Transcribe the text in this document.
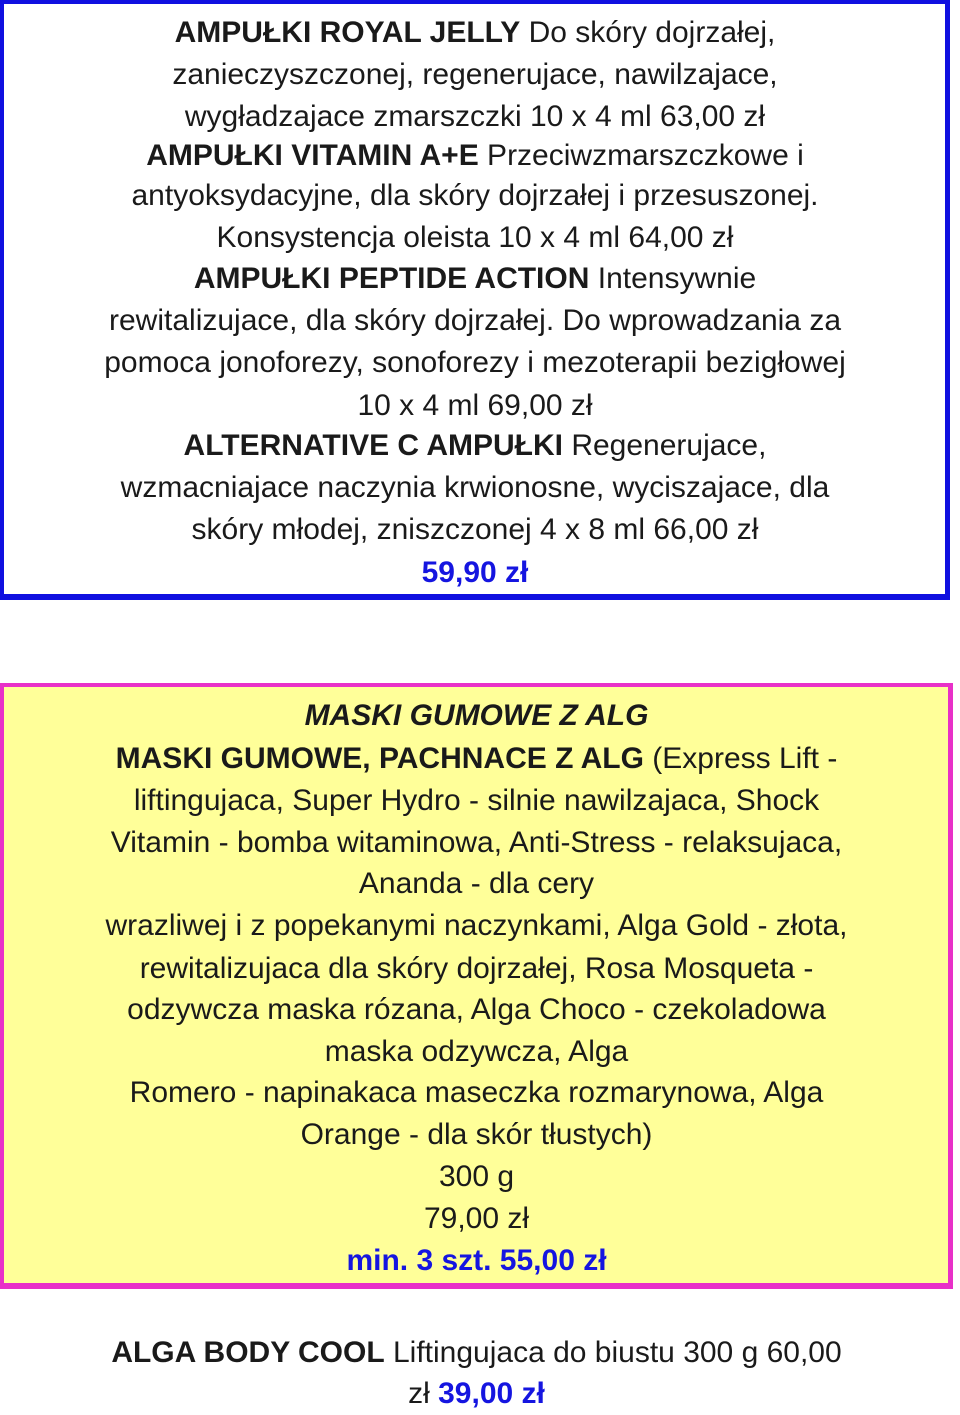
AMPUŁKI ROYAL JELLY Do skóry dojrzałej,
zanieczyszczonej, regenerujace, nawilzajace,
wygładzajace zmarszczki 10 x 4 ml 63,00 zł
AMPUŁKI VITAMIN A+E Przeciwzmarszczkowe i
antyoksydacyjne, dla skóry dojrzałej i przesuszonej.
Konsystencja oleista 10 x 4 ml 64,00 zł
AMPUŁKI PEPTIDE ACTION Intensywnie
rewitalizujace, dla skóry dojrzałej. Do wprowadzania za
pomoca jonoforezy, sonoforezy i mezoterapii bezigłowej
10 x 4 ml 69,00 zł
ALTERNATIVE C AMPUŁKI Regenerujace,
wzmacniajace naczynia krwionosne, wyciszajace, dla
skóry młodej, zniszczonej 4 x 8 ml 66,00 zł
59,90 zł
MASKI GUMOWE Z ALG
MASKI GUMOWE, PACHNACE Z ALG (Express Lift -
liftingujaca, Super Hydro - silnie nawilzajaca, Shock
Vitamin - bomba witaminowa, Anti-Stress - relaksujaca,
Ananda - dla cery
wrazliwej i z popekanymi naczynkami, Alga Gold - złota,
rewitalizujaca dla skóry dojrzałej, Rosa Mosqueta -
odzywcza maska rózana, Alga Choco - czekoladowa
maska odzywcza, Alga
Romero - napinakaca maseczka rozmarynowa, Alga
Orange - dla skór tłustych)
300 g
79,00 zł
min. 3 szt. 55,00 zł
ALGA BODY COOL Liftingujaca do biustu 300 g 60,00
zł 39,00 zł
